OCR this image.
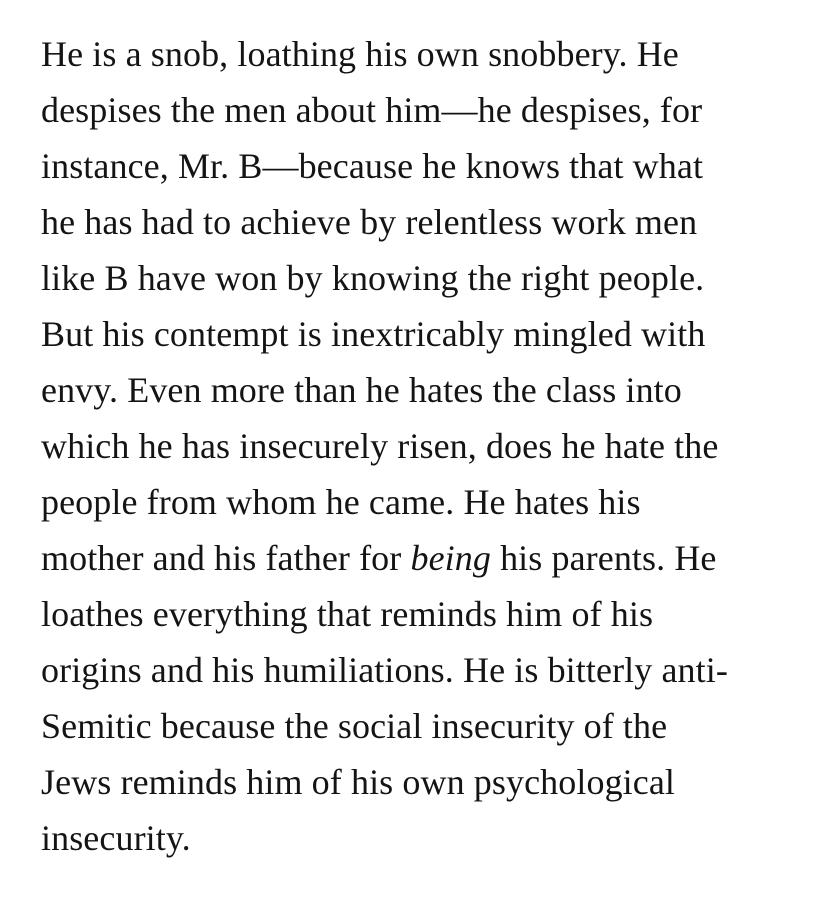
He is a snob, loathing his own snobbery. He
despises the men about him—he despises, for
instance, Mr. B—because he knows that what
he has had to achieve by relentless work men
like B have won by knowing the right people.
But his contempt is inextricably mingled with
envy. Even more than he hates the class into
which he has insecurely risen, does he hate the
people from whom he came. He hates his
mother and his father for being his parents. He
loathes everything that reminds him of his
origins and his humiliations. He is bitterly anti-
Semitic because the social insecurity of the
Jews reminds him of his own psychological
insecurity.
